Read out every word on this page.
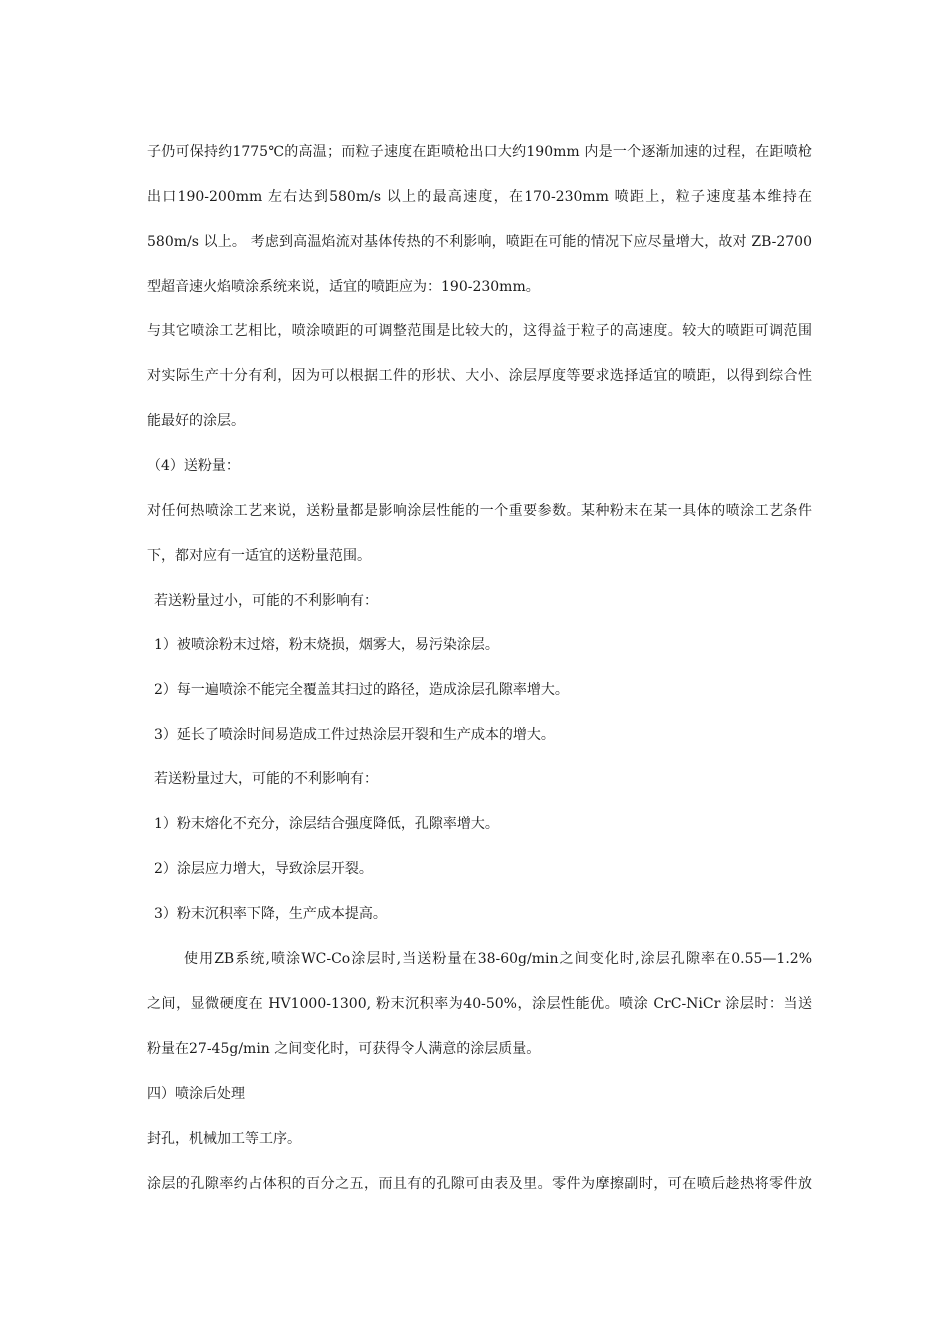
子仍可保持约1775℃的高温；而粒子速度在距喷枪出口大约190mm 内是一个逐渐加速的过程，在距喷枪
出口190-200mm 左右达到580m/s 以上的最高速度，在170-230mm 喷距上，粒子速度基本维持在
580m/s 以上。 考虑到高温焰流对基体传热的不利影响，喷距在可能的情况下应尽量增大，故对 ZB-2700
型超音速火焰喷涂系统来说，适宜的喷距应为：190-230mm。
与其它喷涂工艺相比，喷涂喷距的可调整范围是比较大的，这得益于粒子的高速度。较大的喷距可调范围
对实际生产十分有利，因为可以根据工件的形状、大小、涂层厚度等要求选择适宜的喷距，以得到综合性
能最好的涂层。
（4）送粉量：
对任何热喷涂工艺来说，送粉量都是影响涂层性能的一个重要参数。某种粉末在某一具体的喷涂工艺条件
下，都对应有一适宜的送粉量范围。
若送粉量过小，可能的不利影响有：
1）被喷涂粉末过熔，粉末烧损，烟雾大，易污染涂层。
2）每一遍喷涂不能完全覆盖其扫过的路径，造成涂层孔隙率增大。
3）延长了喷涂时间易造成工件过热涂层开裂和生产成本的增大。
若送粉量过大，可能的不利影响有：
1）粉末熔化不充分，涂层结合强度降低，孔隙率增大。
2）涂层应力增大，导致涂层开裂。
3）粉末沉积率下降，生产成本提高。
使用ZB系统,喷涂WC-Co涂层时,当送粉量在38-60g/min之间变化时,涂层孔隙率在0.55—1.2%
之间，显微硬度在 HV1000-1300, 粉末沉积率为40-50%，涂层性能优。喷涂 CrC-NiCr 涂层时：当送
粉量在27-45g/min 之间变化时，可获得令人满意的涂层质量。
四）喷涂后处理
封孔，机械加工等工序。
涂层的孔隙率约占体积的百分之五，而且有的孔隙可由表及里。零件为摩擦副时，可在喷后趁热将零件放
